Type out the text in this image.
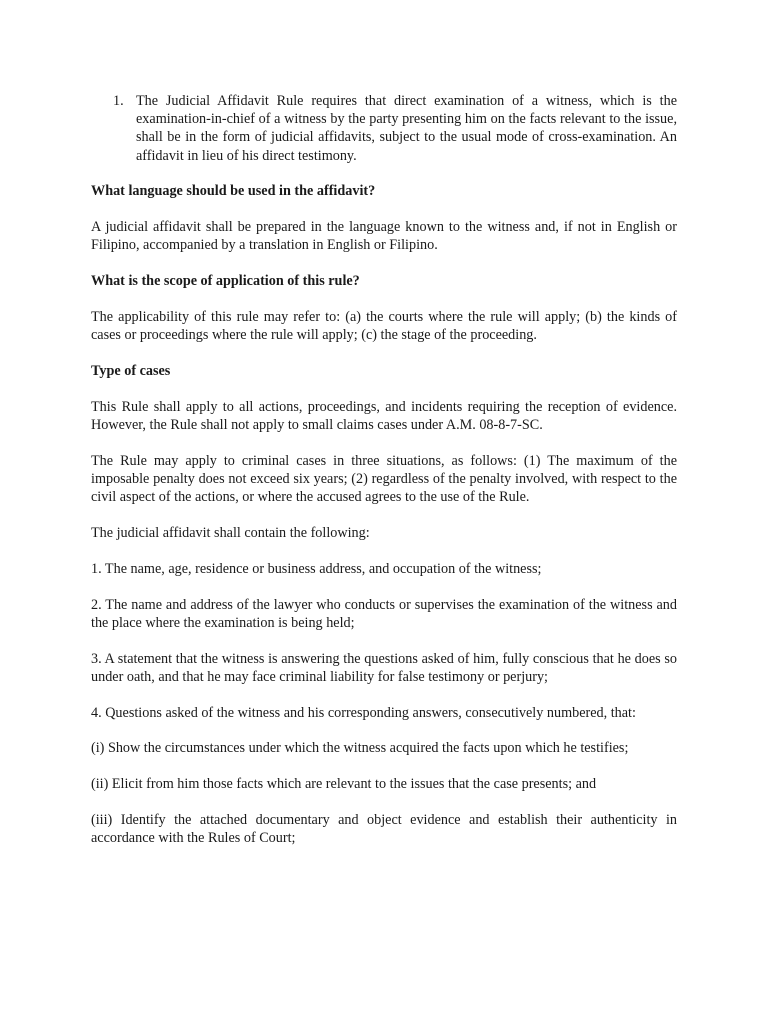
1. The Judicial Affidavit Rule requires that direct examination of a witness, which is the examination-in-chief of a witness by the party presenting him on the facts relevant to the issue, shall be in the form of judicial affidavits, subject to the usual mode of cross-examination. An affidavit in lieu of his direct testimony.

What language should be used in the affidavit?

A judicial affidavit shall be prepared in the language known to the witness and, if not in English or Filipino, accompanied by a translation in English or Filipino.

What is the scope of application of this rule?

The applicability of this rule may refer to: (a) the courts where the rule will apply; (b) the kinds of cases or proceedings where the rule will apply; (c) the stage of the proceeding.

Type of cases

This Rule shall apply to all actions, proceedings, and incidents requiring the reception of evidence. However, the Rule shall not apply to small claims cases under A.M. 08-8-7-SC.

The Rule may apply to criminal cases in three situations, as follows: (1) The maximum of the imposable penalty does not exceed six years; (2) regardless of the penalty involved, with respect to the civil aspect of the actions, or where the accused agrees to the use of the Rule.

The judicial affidavit shall contain the following:

1. The name, age, residence or business address, and occupation of the witness;

2. The name and address of the lawyer who conducts or supervises the examination of the witness and the place where the examination is being held;

3. A statement that the witness is answering the questions asked of him, fully conscious that he does so under oath, and that he may face criminal liability for false testimony or perjury;

4. Questions asked of the witness and his corresponding answers, consecutively numbered, that:

(i) Show the circumstances under which the witness acquired the facts upon which he testifies;

(ii) Elicit from him those facts which are relevant to the issues that the case presents; and

(iii) Identify the attached documentary and object evidence and establish their authenticity in accordance with the Rules of Court;
